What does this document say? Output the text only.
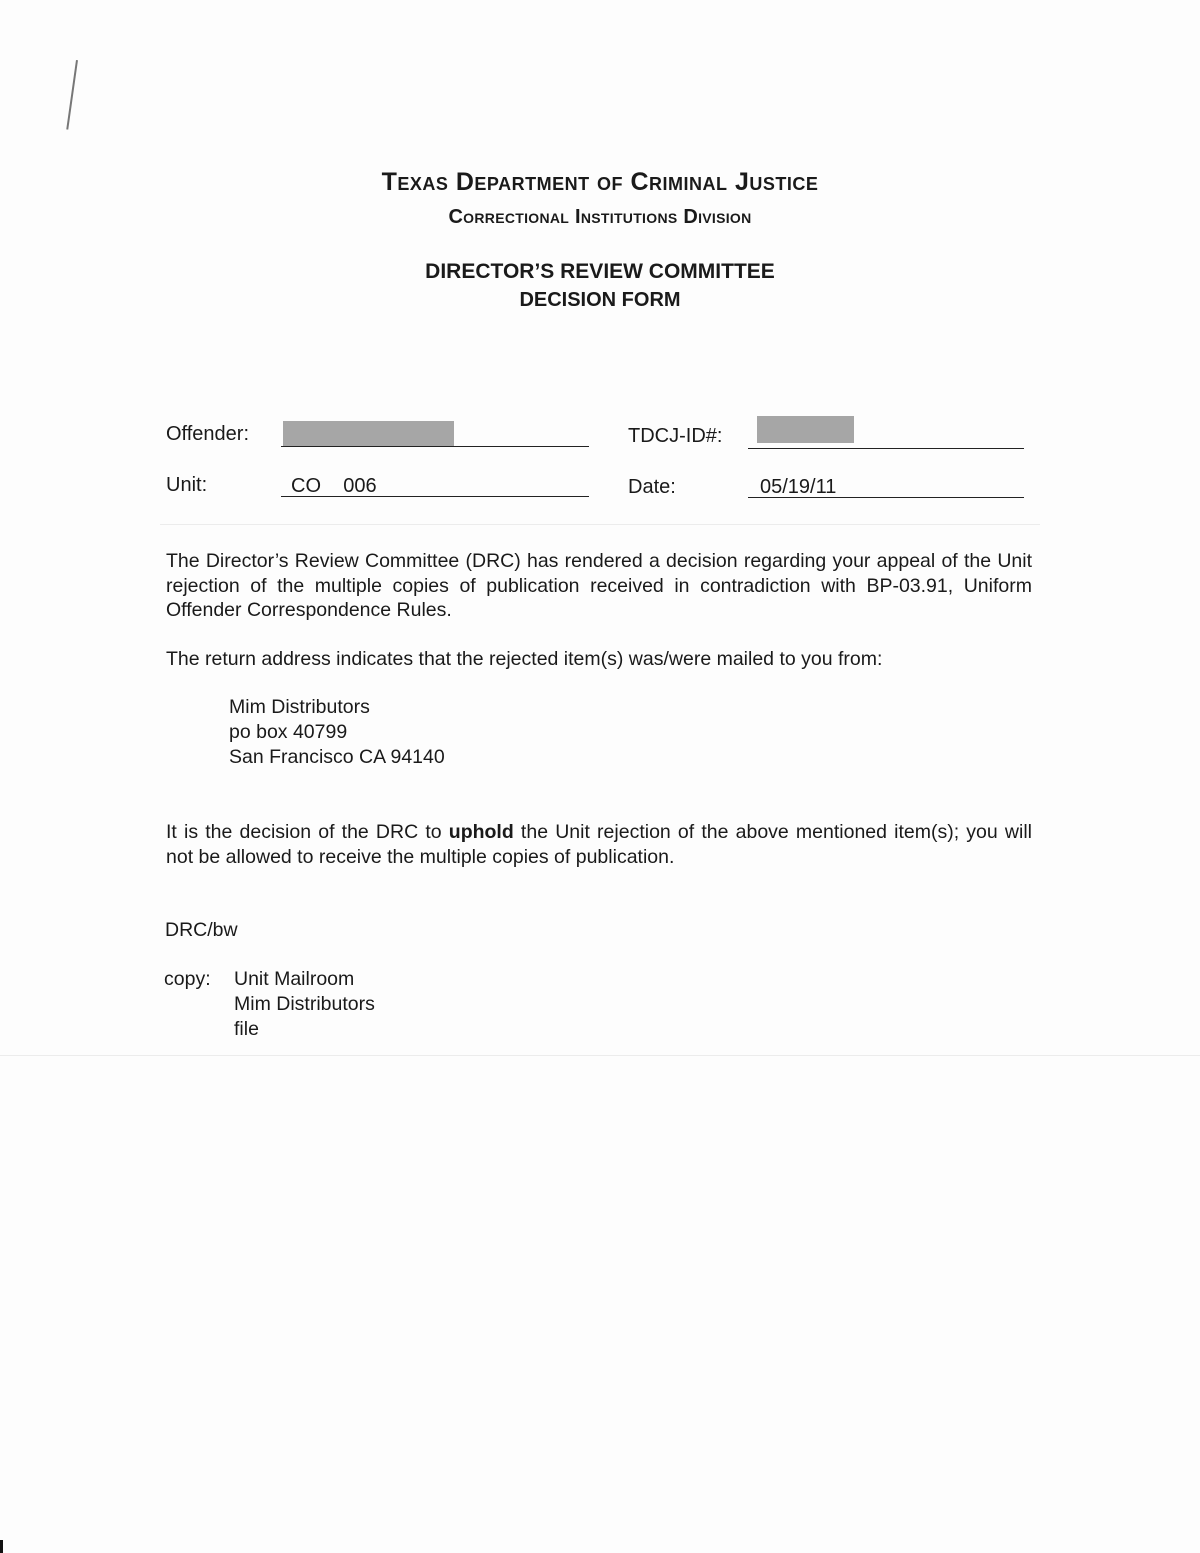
Texas Department of Criminal Justice
Correctional Institutions Division
DIRECTOR’S REVIEW COMMITTEE
DECISION FORM
Offender:	TDCJ-ID#:
Unit:	CO    006	Date:	05/19/11

The Director’s Review Committee (DRC) has rendered a decision regarding your appeal of the Unit rejection of the multiple copies of publication received in contradiction with BP-03.91, Uniform Offender Correspondence Rules.

The return address indicates that the rejected item(s) was/were mailed to you from:

Mim Distributors
po box 40799
San Francisco CA 94140

It is the decision of the DRC to uphold the Unit rejection of the above mentioned item(s); you will not be allowed to receive the multiple copies of publication.

DRC/bw
copy: Unit Mailroom
Mim Distributors
file
